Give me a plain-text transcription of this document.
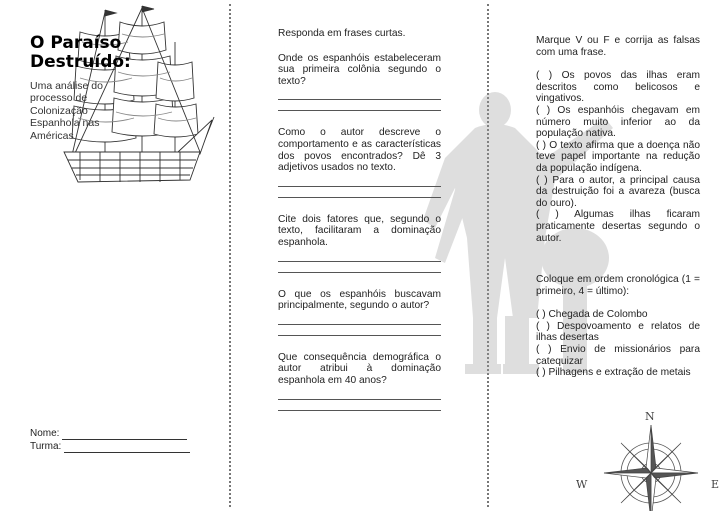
O Paraíso Destruído:
Uma análise do processo de Colonização Espanhola nas Américas
Nome:
Turma:

Responda em frases curtas.

Onde os espanhóis estabeleceram sua primeira colônia segundo o texto?

Como o autor descreve o comportamento e as características dos povos encontrados? Dê 3 adjetivos usados no texto.

Cite dois fatores que, segundo o texto, facilitaram a dominação espanhola.

O que os espanhóis buscavam principalmente, segundo o autor?

Que consequência demográfica o autor atribui à dominação espanhola em 40 anos?

Marque V ou F e corrija as falsas com uma frase.

( ) Os povos das ilhas eram descritos como belicosos e vingativos.

( ) Os espanhóis chegavam em número muito inferior ao da população nativa.

( ) O texto afirma que a doença não teve papel importante na redução da população indígena.

( ) Para o autor, a principal causa da destruição foi a avareza (busca do ouro).

( ) Algumas ilhas ficaram praticamente desertas segundo o autor.

Coloque em ordem cronológica (1 = primeiro, 4 = último):

( ) Chegada de Colombo

( ) Despovoamento e relatos de ilhas desertas

( ) Envio de missionários para catequizar

( ) Pilhagens e extração de metais

N
W	E
